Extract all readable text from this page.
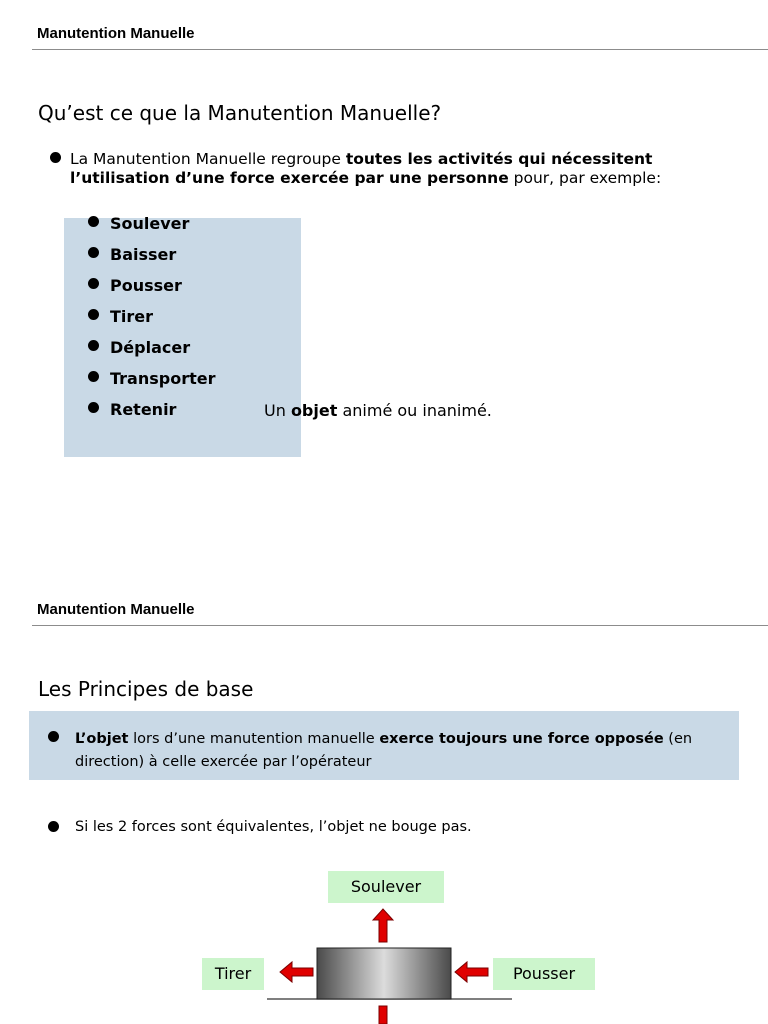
Manutention Manuelle
Qu’est ce que la Manutention Manuelle?
La Manutention Manuelle regroupe toutes les activités qui nécessitent
l’utilisation d’une force exercée par une personne pour, par exemple:
Soulever
Baisser
Pousser
Tirer
Déplacer
Transporter
Retenir	Un objet animé ou inanimé.
Manutention Manuelle
Les Principes de base
L’objet lors d’une manutention manuelle exerce toujours une force opposée (en
direction) à celle exercée par l’opérateur
Si les 2 forces sont équivalentes, l’objet ne bouge pas.
Soulever
Tirer	Pousser
